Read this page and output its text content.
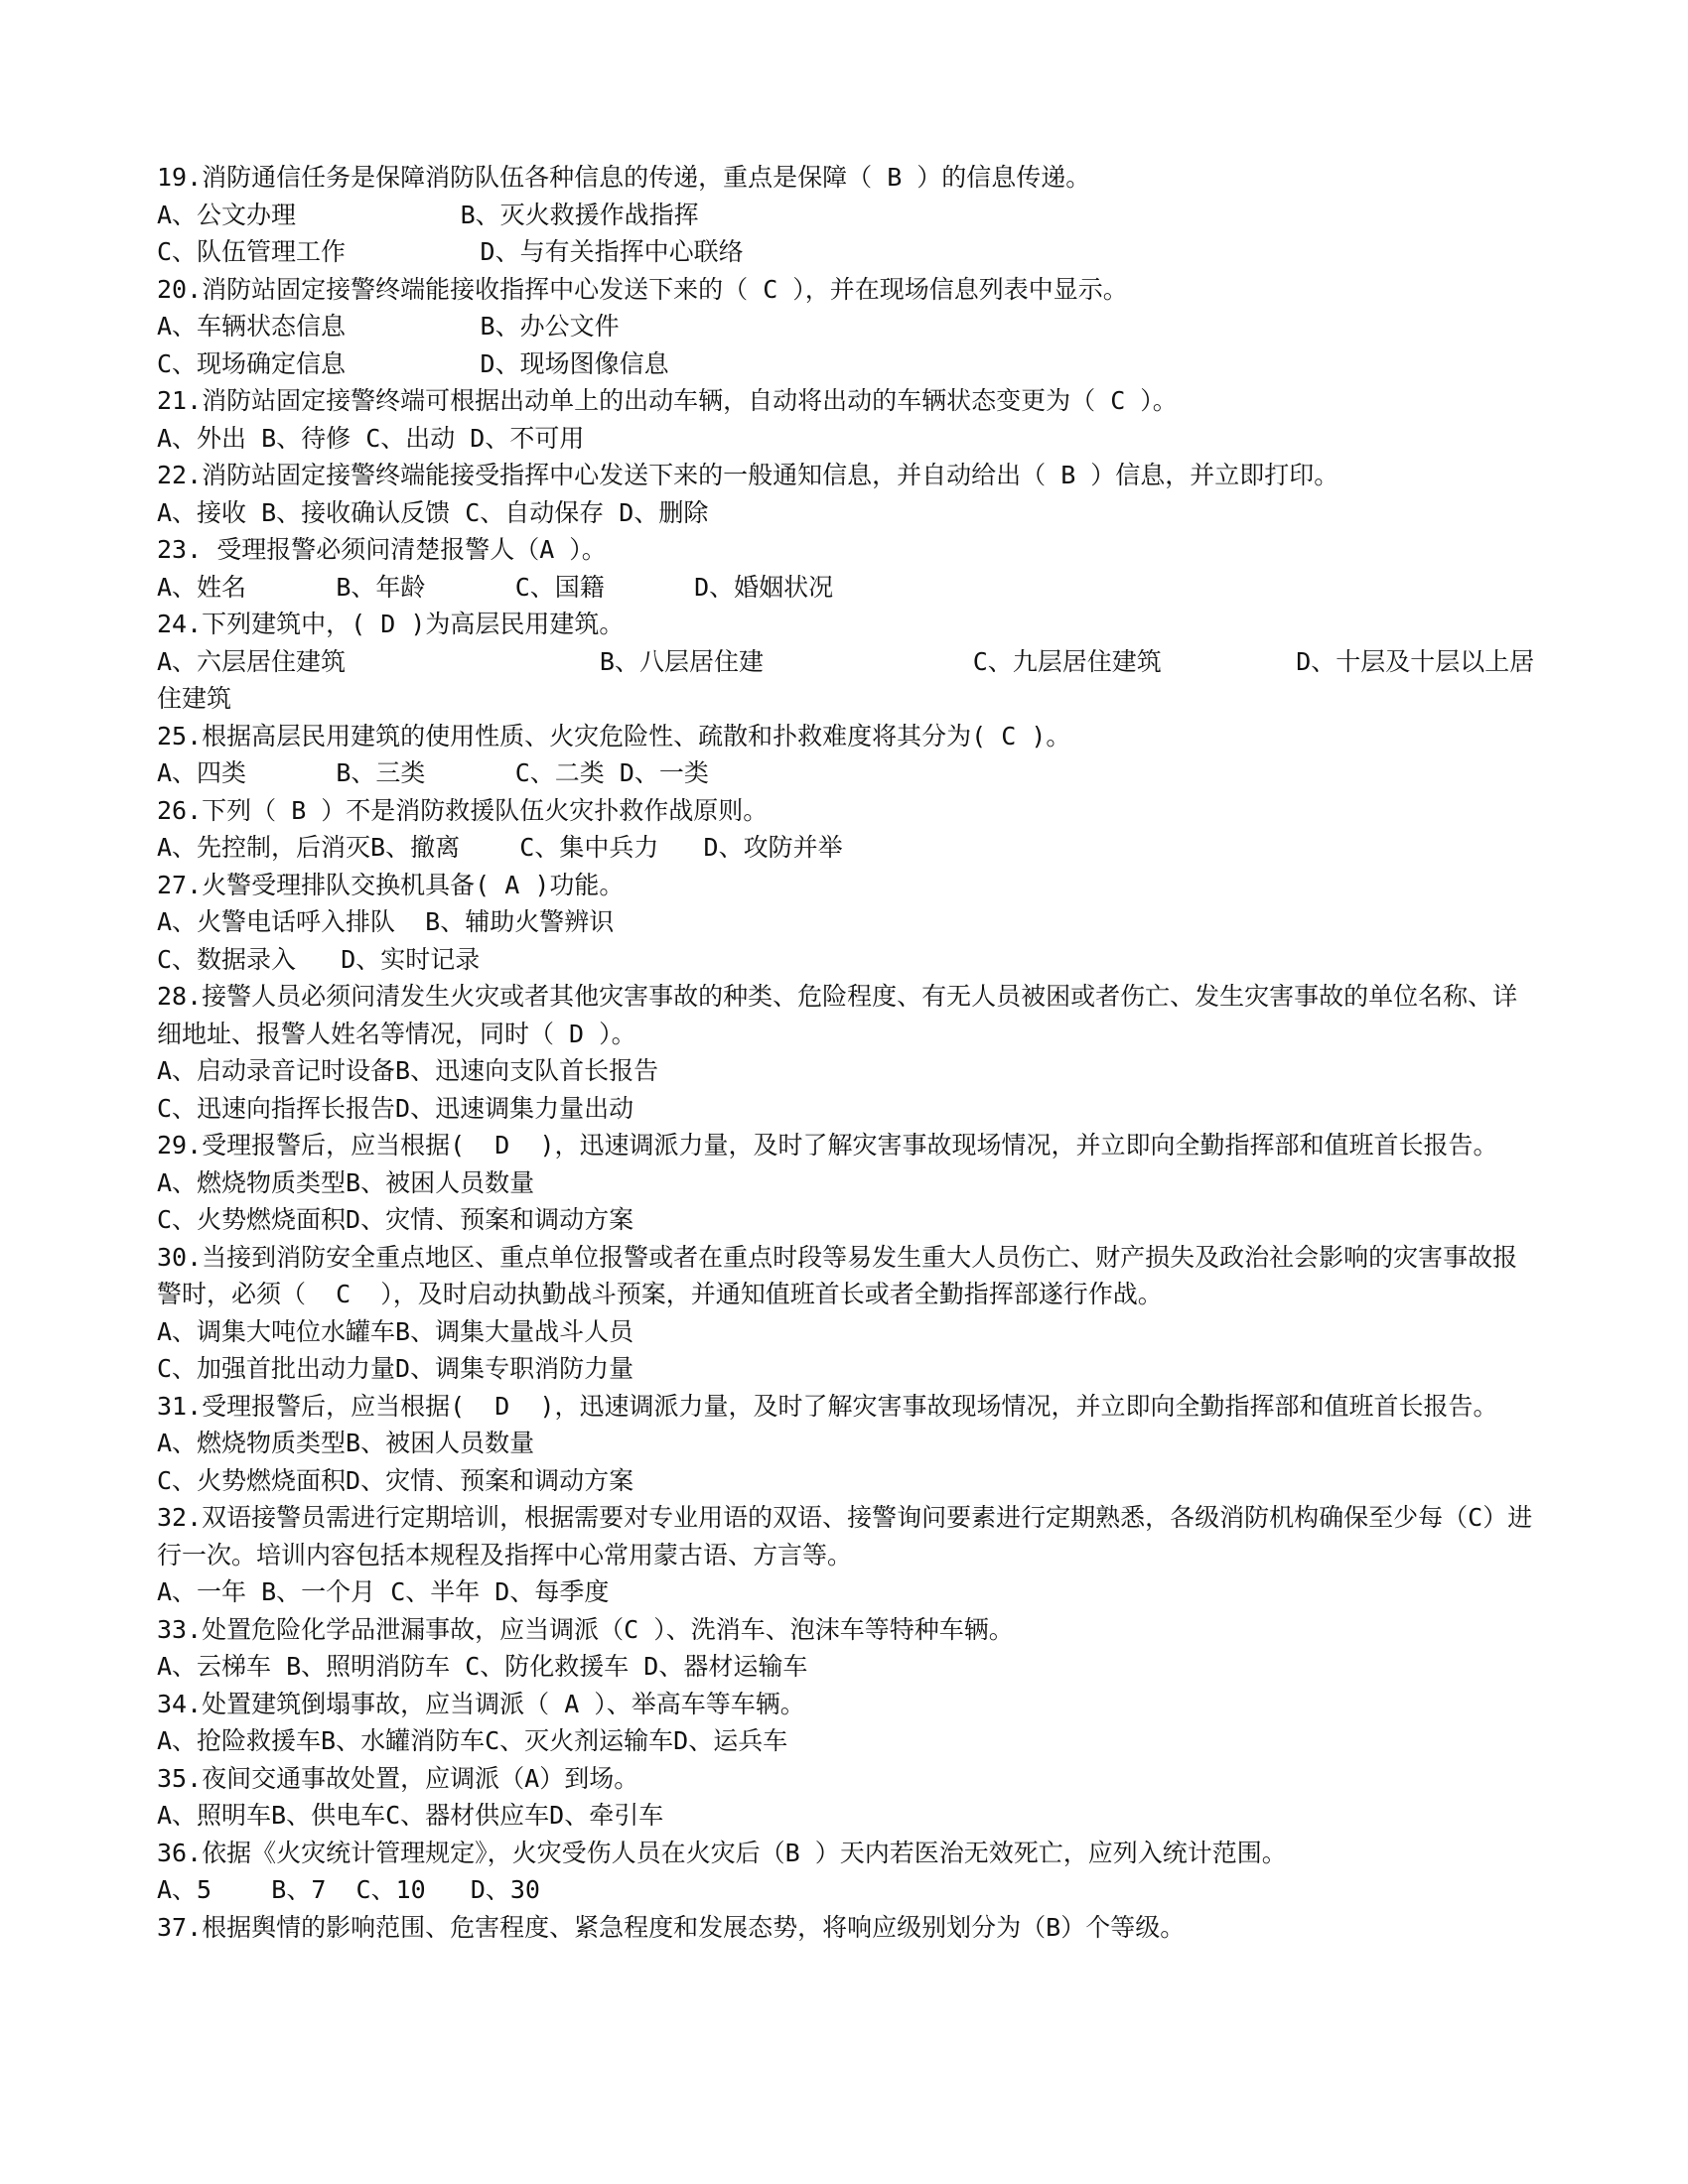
19.消防通信任务是保障消防队伍各种信息的传递，重点是保障（ B ）的信息传递。
A、公文办理           B、灭火救援作战指挥
C、队伍管理工作         D、与有关指挥中心联络
20.消防站固定接警终端能接收指挥中心发送下来的（ C ），并在现场信息列表中显示。
A、车辆状态信息         B、办公文件
C、现场确定信息         D、现场图像信息
21.消防站固定接警终端可根据出动单上的出动车辆，自动将出动的车辆状态变更为（ C ）。
A、外出 B、待修 C、出动 D、不可用
22.消防站固定接警终端能接受指挥中心发送下来的一般通知信息，并自动给出（ B ）信息，并立即打印。
A、接收 B、接收确认反馈 C、自动保存 D、删除
23. 受理报警必须问清楚报警人（A ）。
A、姓名      B、年龄      C、国籍      D、婚姻状况
24.下列建筑中，( D )为高层民用建筑。
A、六层居住建筑                 B、八层居住建              C、九层居住建筑         D、十层及十层以上居住建筑
25.根据高层民用建筑的使用性质、火灾危险性、疏散和扑救难度将其分为( C )。
A、四类      B、三类      C、二类 D、一类
26.下列（ B ）不是消防救援队伍火灾扑救作战原则。
A、先控制，后消灭B、撤离    C、集中兵力   D、攻防并举
27.火警受理排队交换机具备( A )功能。
A、火警电话呼入排队  B、辅助火警辨识
C、数据录入   D、实时记录
28.接警人员必须问清发生火灾或者其他灾害事故的种类、危险程度、有无人员被困或者伤亡、发生灾害事故的单位名称、详细地址、报警人姓名等情况，同时（ D ）。
A、启动录音记时设备B、迅速向支队首长报告
C、迅速向指挥长报告D、迅速调集力量出动
29.受理报警后，应当根据(  D  )，迅速调派力量，及时了解灾害事故现场情况，并立即向全勤指挥部和值班首长报告。
A、燃烧物质类型B、被困人员数量
C、火势燃烧面积D、灾情、预案和调动方案
30.当接到消防安全重点地区、重点单位报警或者在重点时段等易发生重大人员伤亡、财产损失及政治社会影响的灾害事故报警时，必须（  C  ），及时启动执勤战斗预案，并通知值班首长或者全勤指挥部遂行作战。
A、调集大吨位水罐车B、调集大量战斗人员
C、加强首批出动力量D、调集专职消防力量
31.受理报警后，应当根据(  D  )，迅速调派力量，及时了解灾害事故现场情况，并立即向全勤指挥部和值班首长报告。
A、燃烧物质类型B、被困人员数量
C、火势燃烧面积D、灾情、预案和调动方案
32.双语接警员需进行定期培训，根据需要对专业用语的双语、接警询问要素进行定期熟悉，各级消防机构确保至少每（C）进行一次。培训内容包括本规程及指挥中心常用蒙古语、方言等。
A、一年 B、一个月 C、半年 D、每季度
33.处置危险化学品泄漏事故，应当调派（C ）、洗消车、泡沫车等特种车辆。
A、云梯车 B、照明消防车 C、防化救援车 D、器材运输车
34.处置建筑倒塌事故，应当调派（ A ）、举高车等车辆。
A、抢险救援车B、水罐消防车C、灭火剂运输车D、运兵车
35.夜间交通事故处置，应调派（A）到场。
A、照明车B、供电车C、器材供应车D、牵引车
36.依据《火灾统计管理规定》，火灾受伤人员在火灾后（B ）天内若医治无效死亡，应列入统计范围。
A、5    B、7  C、10   D、30
37.根据舆情的影响范围、危害程度、紧急程度和发展态势，将响应级别划分为（B）个等级。
